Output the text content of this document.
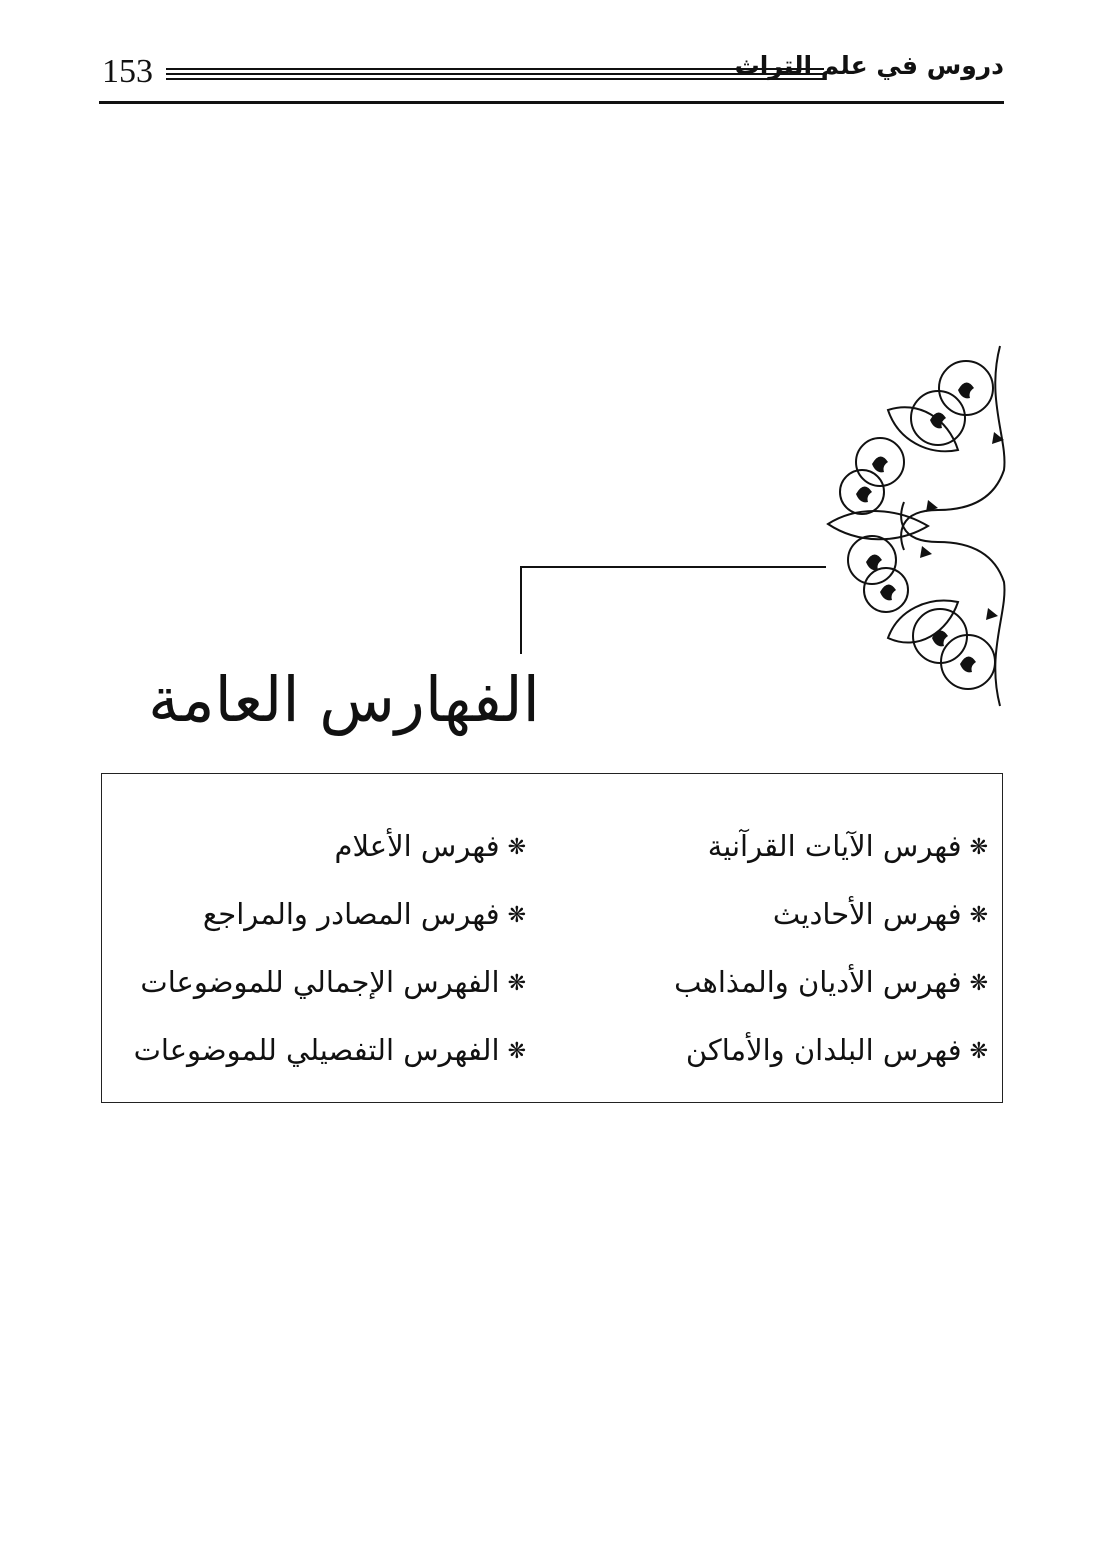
153	دروس في علم التراث
الفهارس العامة
❋فهرس الآيات القرآنية
❋فهرس الأحاديث
❋فهرس الأديان والمذاهب
❋فهرس البلدان والأماكن
❋فهرس الأعلام
❋فهرس المصادر والمراجع
❋الفهرس الإجمالي للموضوعات
❋الفهرس التفصيلي للموضوعات
